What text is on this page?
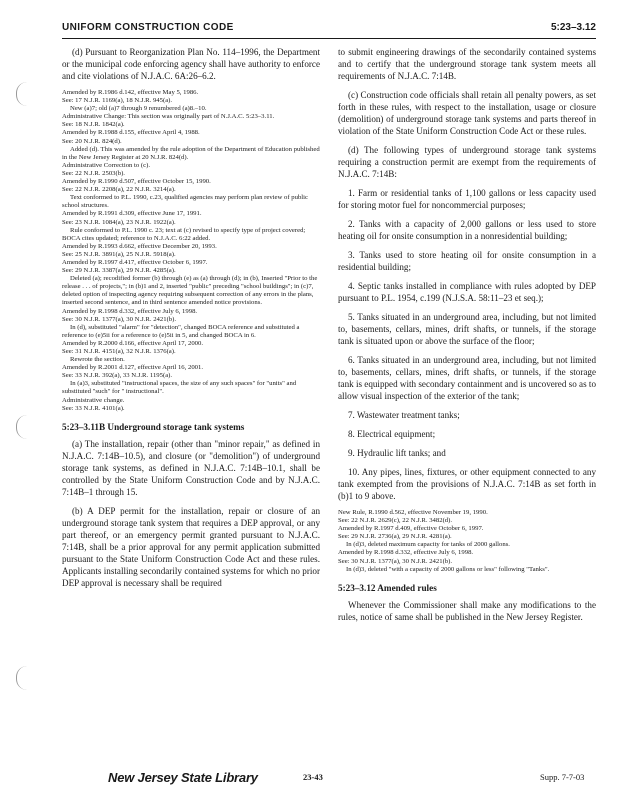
UNIFORM CONSTRUCTION CODE	5:23–3.12

(d) Pursuant to Reorganization Plan No. 114–1996, the Department or the municipal code enforcing agency shall have authority to enforce and cite violations of N.J.A.C. 6A:26–6.2.

Amended by R.1986 d.142, effective May 5, 1986.

See: 17 N.J.R. 1169(a), 18 N.J.R. 945(a).

New (a)7; old (a)7 through 9 renumbered (a)8.–10.

Administrative Change: This section was originally part of N.J.A.C. 5:23–3.11.

See: 18 N.J.R. 1842(a).

Amended by R.1988 d.155, effective April 4, 1988.

See: 20 N.J.R. 824(d).

Added (d). This was amended by the rule adoption of the Department of Education published in the New Jersey Register at 20 N.J.R. 824(d).

Administrative Correction to (c).

See: 22 N.J.R. 2503(b).

Amended by R.1990 d.507, effective October 15, 1990.

See: 22 N.J.R. 2208(a), 22 N.J.R. 3214(a).

Text conformed to P.L. 1990, c.23, qualified agencies may perform plan review of public school structures.

Amended by R.1991 d.309, effective June 17, 1991.

See: 23 N.J.R. 1084(a), 23 N.J.R. 1922(a).

Rule conformed to P.L. 1990 c. 23; text at (c) revised to specify type of project covered; BOCA cites updated; reference to N.J.A.C. 6:22 added.

Amended by R.1993 d.662, effective December 20, 1993.

See: 25 N.J.R. 3891(a), 25 N.J.R. 5918(a).

Amended by R.1997 d.417, effective October 6, 1997.

See: 29 N.J.R. 3387(a), 29 N.J.R. 4285(a).

Deleted (a); recodified former (b) through (e) as (a) through (d); in (b), Inserted "Prior to the release . . . of projects,"; in (b)1 and 2, inserted "public" preceding "school buildings"; in (c)7, deleted option of inspecting agency requiring subsequent correction of any errors in the plans, inserted second sentence, and in third sentence amended notice provisions.

Amended by R.1998 d.332, effective July 6, 1998.

See: 30 N.J.R. 1377(a), 30 N.J.R. 2421(b).

In (d), substituted "alarm" for "detection", changed BOCA reference and substituted a reference to (e)5ii for a reference to (e)5ii in 5, and changed BOCA in 6.

Amended by R.2000 d.166, effective April 17, 2000.

See: 31 N.J.R. 4151(a), 32 N.J.R. 1376(a).

Rewrote the section.

Amended by R.2001 d.127, effective April 16, 2001.

See: 33 N.J.R. 392(a), 33 N.J.R. 1195(a).

In (a)3, substituted "instructional spaces, the size of any such spaces" for "units" and substituted "such" for " instructional".

Administrative change.

See: 33 N.J.R. 4101(a).

5:23–3.11B Underground storage tank systems

(a) The installation, repair (other than "minor repair," as defined in N.J.A.C. 7:14B–10.5), and closure (or "demolition") of underground storage tank systems, as defined in N.J.A.C. 7:14B–10.1, shall be controlled by the State Uniform Construction Code and by N.J.A.C. 7:14B–1 through 15.

(b) A DEP permit for the installation, repair or closure of an underground storage tank system that requires a DEP approval, or any part thereof, or an emergency permit granted pursuant to N.J.A.C. 7:14B, shall be a prior approval for any permit application submitted pursuant to the State Uniform Construction Code Act and these rules. Applicants installing secondarily contained systems for which no prior DEP approval is necessary shall be required

to submit engineering drawings of the secondarily contained systems and to certify that the underground storage tank system meets all requirements of N.J.A.C. 7:14B.

(c) Construction code officials shall retain all penalty powers, as set forth in these rules, with respect to the installation, usage or closure (demolition) of underground storage tank systems and parts thereof in violation of the State Uniform Construction Code Act or these rules.

(d) The following types of underground storage tank systems requiring a construction permit are exempt from the requirements of N.J.A.C. 7:14B:

1. Farm or residential tanks of 1,100 gallons or less capacity used for storing motor fuel for noncommercial purposes;

2. Tanks with a capacity of 2,000 gallons or less used to store heating oil for onsite consumption in a nonresidential building;

3. Tanks used to store heating oil for onsite consumption in a residential building;

4. Septic tanks installed in compliance with rules adopted by DEP pursuant to P.L. 1954, c.199 (N.J.S.A. 58:11–23 et seq.);

5. Tanks situated in an underground area, including, but not limited to, basements, cellars, mines, drift shafts, or tunnels, if the storage tank is situated upon or above the surface of the floor;

6. Tanks situated in an underground area, including, but not limited to, basements, cellars, mines, drift shafts, or tunnels, if the storage tank is equipped with secondary containment and is uncovered so as to allow visual inspection of the exterior of the tank;

7. Wastewater treatment tanks;

8. Electrical equipment;

9. Hydraulic lift tanks; and

10. Any pipes, lines, fixtures, or other equipment connected to any tank exempted from the provisions of N.J.A.C. 7:14B as set forth in (b)1 to 9 above.

New Rule, R.1990 d.562, effective November 19, 1990.

See: 22 N.J.R. 2629(c), 22 N.J.R. 3482(d).

Amended by R.1997 d.409, effective October 6, 1997.

See: 29 N.J.R. 2736(a), 29 N.J.R. 4281(a).

In (d)3, deleted maximum capacity for tanks of 2000 gallons.

Amended by R.1998 d.332, effective July 6, 1998.

See: 30 N.J.R. 1377(a), 30 N.J.R. 2421(b).

In (d)3, deleted "with a capacity of 2000 gallons or less" following "Tanks".

5:23–3.12 Amended rules

Whenever the Commissioner shall make any modifications to the rules, notice of same shall be published in the New Jersey Register.

New Jersey State Library	23-43	Supp. 7-7-03
